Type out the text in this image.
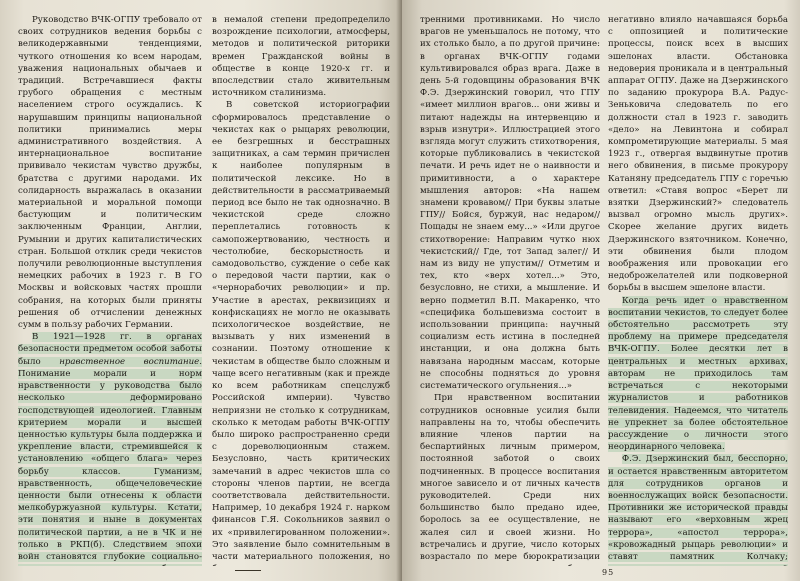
Руководство ВЧК-ОГПУ требовало от своих сотрудников ведения борьбы с великодержавными тенденциями, чуткого отношения ко всем народам, уважения национальных обычаев и традиций. Встречавшиеся факты грубого обращения с местным населением строго осуждались. К нарушавшим принципы национальной политики принимались меры административного воздействия. А интернациональное воспитание прививало чекистам чувство дружбы, братства с другими народами. Их солидарность выражалась в оказании материальной и моральной помощи бастующим и политическим заключенным Франции, Англии, Румынии и других капиталистических стран. Большой отклик среди чекистов получили революционные выступления немецких рабочих в 1923 г. В ГО Москвы и войсковых частях прошли собрания, на которых были приняты решения об отчислении денежных сумм в пользу рабочих Германии.

В 1921—1928 гг. в органах безопасности предметом особой заботы было нравственное воспитание. Понимание морали и норм нравственности у руководства было несколько деформировано господствующей идеологией. Главным критерием морали и высшей ценностью культуры была поддержка и укрепление власти, стремившейся к установлению «общего блага» через борьбу классов. Гуманизм, нравственность, общечеловеческие ценности были отнесены к области мелкобуржуазной культуры. Кстати, эти понятия и ныне в документах политической партии, а не в ЧК и не только в РКП(б). Следствием эпохи войн становятся глубокие социально-

в немалой степени предопределило возрождение психологии, атмосферы, методов и политической риторики времен Гражданской войны в обществе в конце 1920-х гг. и впоследствии стало живительным источником сталинизма.

В советской историографии сформировалось представление о чекистах как о рыцарях революции, ее безгрешных и бесстрашных защитниках, а сам термин причислен к наиболее популярным в политической лексике. Но в действительности в рассматриваемый период все было не так однозначно. В чекистской среде сложно переплетались готовность к самопожертвованию, честность и честолюбие, бескорыстность и самодовольство, суждение о себе как о передовой части партии, как о «чернорабочих революции» и пр. Участие в арестах, реквизициях и конфискациях не могло не оказывать психологическое воздействие, не вызывать у них изменений в сознании. Поэтому отношение к чекистам в обществе было сложным и чаще всего негативным (как и прежде ко всем работникам спецслужб Российской империи). Чувство неприязни не столько к сотрудникам, сколько к методам работы ВЧК-ОГПУ было широко распространенно среди с дореволюционным стажем. Безусловно, часть критических замечаний в адрес чекистов шла со стороны членов партии, не всегда соответствовала действительности. Например, 10 декабря 1924 г. нарком финансов Г.Я. Сокольников заявил о их «привилегированном положении». Это заявление было сомнительным в части материального положения, но

тренними противниками. Но число врагов не уменьшалось не потому, что их столько было, а по другой причине: в органах ВЧК-ОГПУ годами культивировался образ врага. Даже в день 5-й годовщины образования ВЧК Ф.Э. Дзержинский говорил, что ГПУ «имеет миллион врагов... они живы и питают надежды на интервенцию и взрыв изнутри». Иллюстрацией этого взгляда могут служить стихотворения, которые публиковались в чекистской печати. И речь идет не о наивности и примитивности, а о характере мышления авторов: «На нашем знамени кровавом// При буквы златые ГПУ// Бойся, буржуй, нас недаром// Пощады не знаем ему...» «Или другое стихотворение: Направим чутко нюх чекистский// Где, тот Запад залег// И нам из виду не упустим// Отметим и тех, кто «верх хотел...» Это, безусловно, не стихи, а мышление. И верно подметил В.П. Макаренко, что «специфика большевизма состоит в использовании принципа: научный социализм есть истина в последней инстанции, и она должна быть навязана народным массам, которые не способны подняться до уровня систематического огульнения...»

При нравственном воспитании сотрудников основные усилия были направлены на то, чтобы обеспечить влияние членов партии на беспартийных личным примером, постоянной заботой о своих подчиненных. В процессе воспитания многое зависело и от личных качеств руководителей. Среди них большинство было предано идее, боролось за ее осуществление, не жалея сил и своей жизни. Но встречались и другие, число которых возрастало по мере бюрократизации

негативно влияло начавшаяся борьба с оппозицией и политические процессы, поиск всех в высших эшелонах власти. Обстановка недоверия проникала и в центральный аппарат ОГПУ. Даже на Дзержинского по заданию прокурора В.А. Радус-Зеньковича следователь по его должности стал в 1923 г. заводить «дело» на Левинтона и собирал компрометирующие материалы. 5 мая 1923 г., отвергая выдвинутые против него обвинения, в письме прокурору Катаняну председатель ГПУ с горечью ответил: «Ставя вопрос «Берет ли взятки Дзержинский?» следователь вызвал огромно мысль других». Скорее желание других видеть Дзержинского взяточником. Конечно, эти обвинения были плодом воображения или провокации его недоброжелателей или подковерной борьбы в высшем эшелоне власти.

Когда речь идет о нравственном воспитании чекистов, то следует более обстоятельно рассмотреть эту проблему на примере председателя ВЧК-ОГПУ. Более десятки лет в центральных и местных архивах, авторам не приходилось там встречаться с некоторыми журналистов и работников телевидения. Надеемся, что читатель не упрекнет за более обстоятельное рассуждение о личности этого неординарного человека.

Ф.Э. Дзержинский был, бесспорно, и остается нравственным авторитетом для сотрудников органов и военнослужащих войск безопасности. Противники же исторической правды называют его «верховным жрец террора», «апостол террора», «кровожадный рыцарь революции» и ставят памятник Колчаку;

95
